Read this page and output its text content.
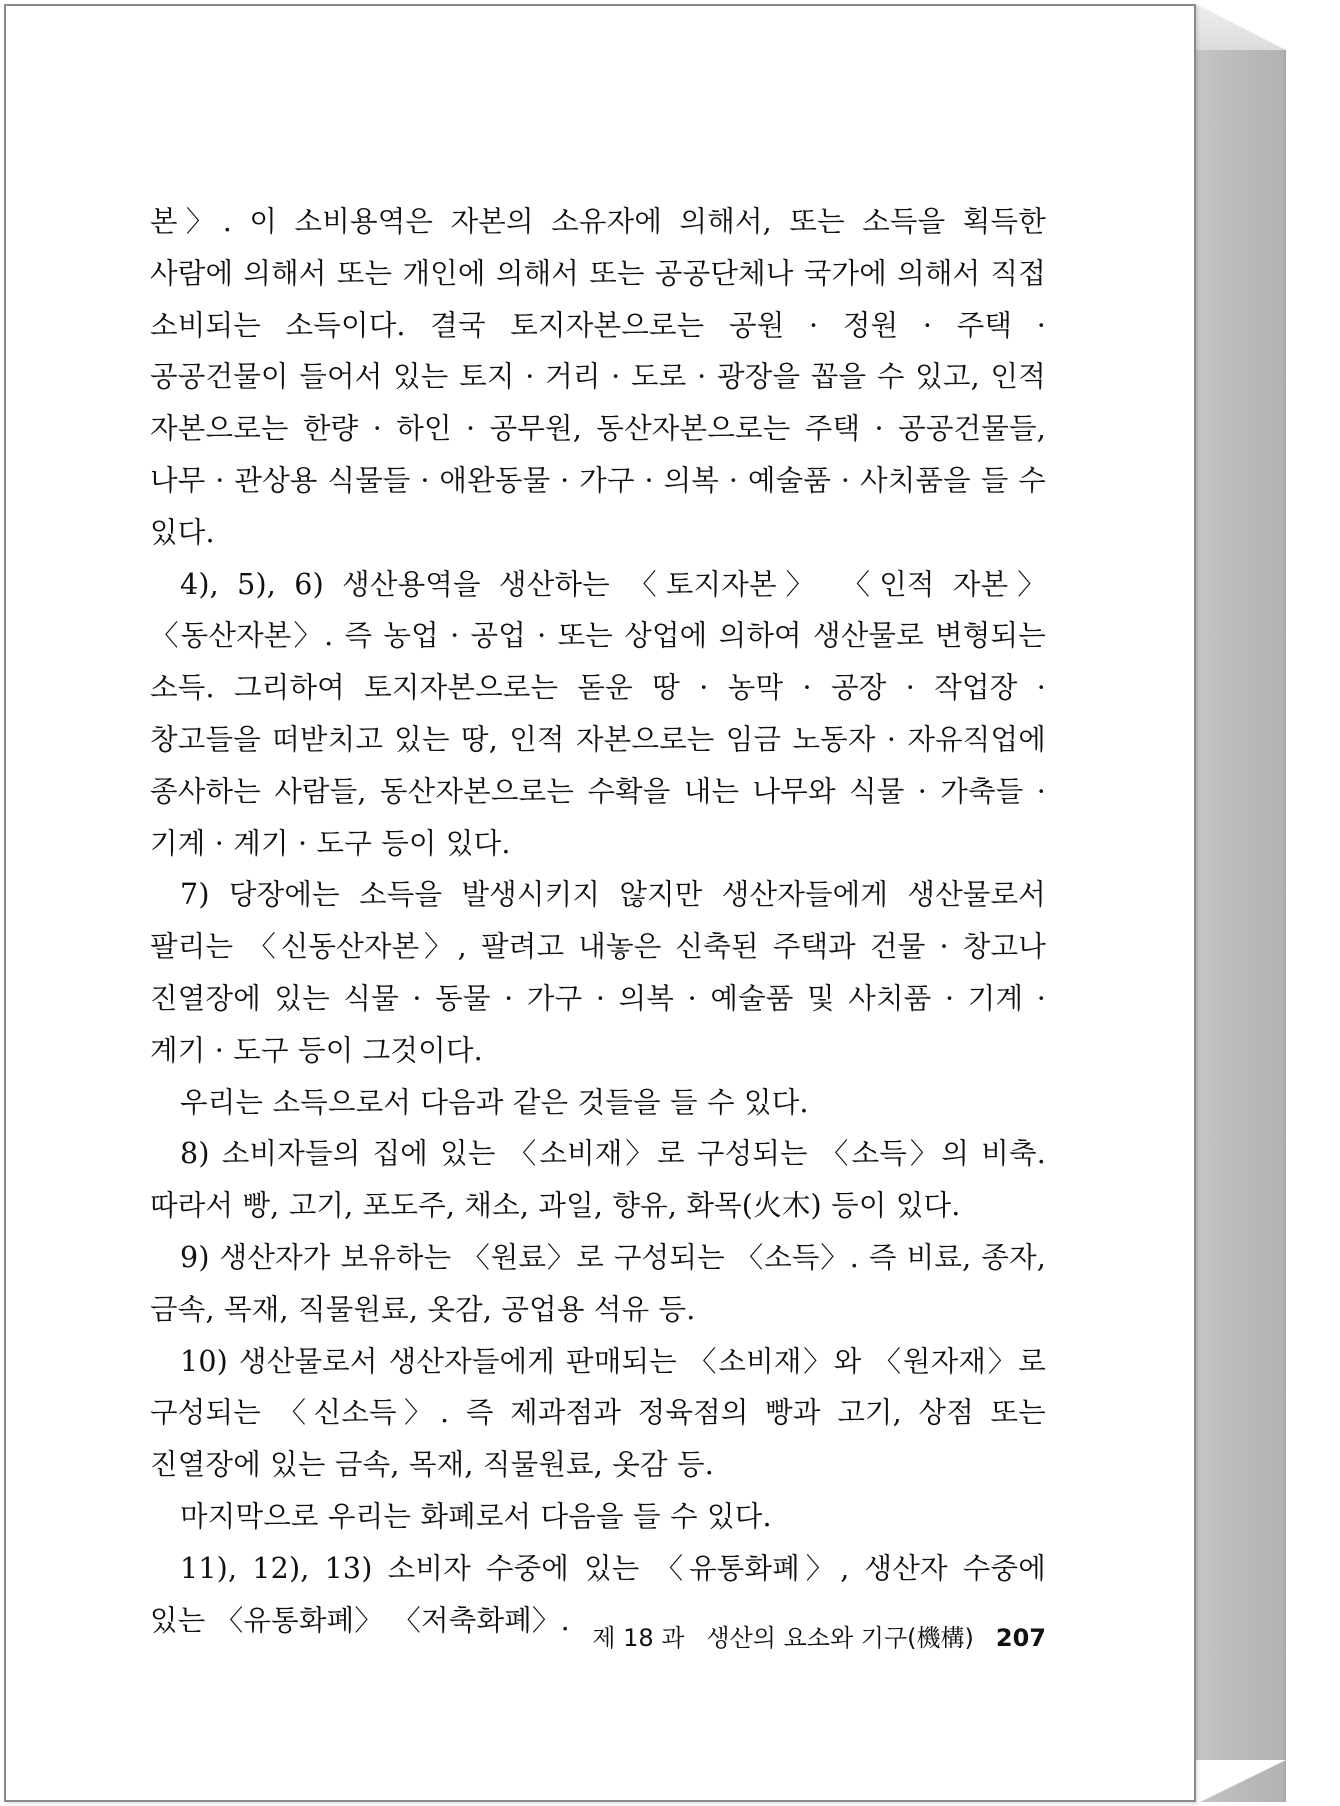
본〉. 이 소비용역은 자본의 소유자에 의해서, 또는 소득을 획득한 사람에 의해서 또는 개인에 의해서 또는 공공단체나 국가에 의해서 직접 소비되는 소득이다. 결국 토지자본으로는 공원 · 정원 · 주택 · 공공건물이 들어서 있는 토지 · 거리 · 도로 · 광장을 꼽을 수 있고, 인적 자본으로는 한량 · 하인 · 공무원, 동산자본으로는 주택 · 공공건물들, 나무 · 관상용 식물들 · 애완동물 · 가구 · 의복 · 예술품 · 사치품을 들 수 있다.

4), 5), 6) 생산용역을 생산하는 〈토지자본〉 〈인적 자본〉 〈동산자본〉. 즉 농업 · 공업 · 또는 상업에 의하여 생산물로 변형되는 소득. 그리하여 토지자본으로는 돋운 땅 · 농막 · 공장 · 작업장 · 창고들을 떠받치고 있는 땅, 인적 자본으로는 임금 노동자 · 자유직업에 종사하는 사람들, 동산자본으로는 수확을 내는 나무와 식물 · 가축들 · 기계 · 계기 · 도구 등이 있다.

7) 당장에는 소득을 발생시키지 않지만 생산자들에게 생산물로서 팔리는 〈신동산자본〉, 팔려고 내놓은 신축된 주택과 건물 · 창고나 진열장에 있는 식물 · 동물 · 가구 · 의복 · 예술품 및 사치품 · 기계 · 계기 · 도구 등이 그것이다.

우리는 소득으로서 다음과 같은 것들을 들 수 있다.

8) 소비자들의 집에 있는 〈소비재〉로 구성되는 〈소득〉의 비축. 따라서 빵, 고기, 포도주, 채소, 과일, 향유, 화목(火木) 등이 있다.

9) 생산자가 보유하는 〈원료〉로 구성되는 〈소득〉. 즉 비료, 종자, 금속, 목재, 직물원료, 옷감, 공업용 석유 등.

10) 생산물로서 생산자들에게 판매되는 〈소비재〉와 〈원자재〉로 구성되는 〈신소득〉. 즉 제과점과 정육점의 빵과 고기, 상점 또는 진열장에 있는 금속, 목재, 직물원료, 옷감 등.

마지막으로 우리는 화폐로서 다음을 들 수 있다.

11), 12), 13) 소비자 수중에 있는 〈유통화폐〉, 생산자 수중에 있는 〈유통화폐〉 〈저축화폐〉.

제 18 과 생산의 요소와 기구(機構) 207
